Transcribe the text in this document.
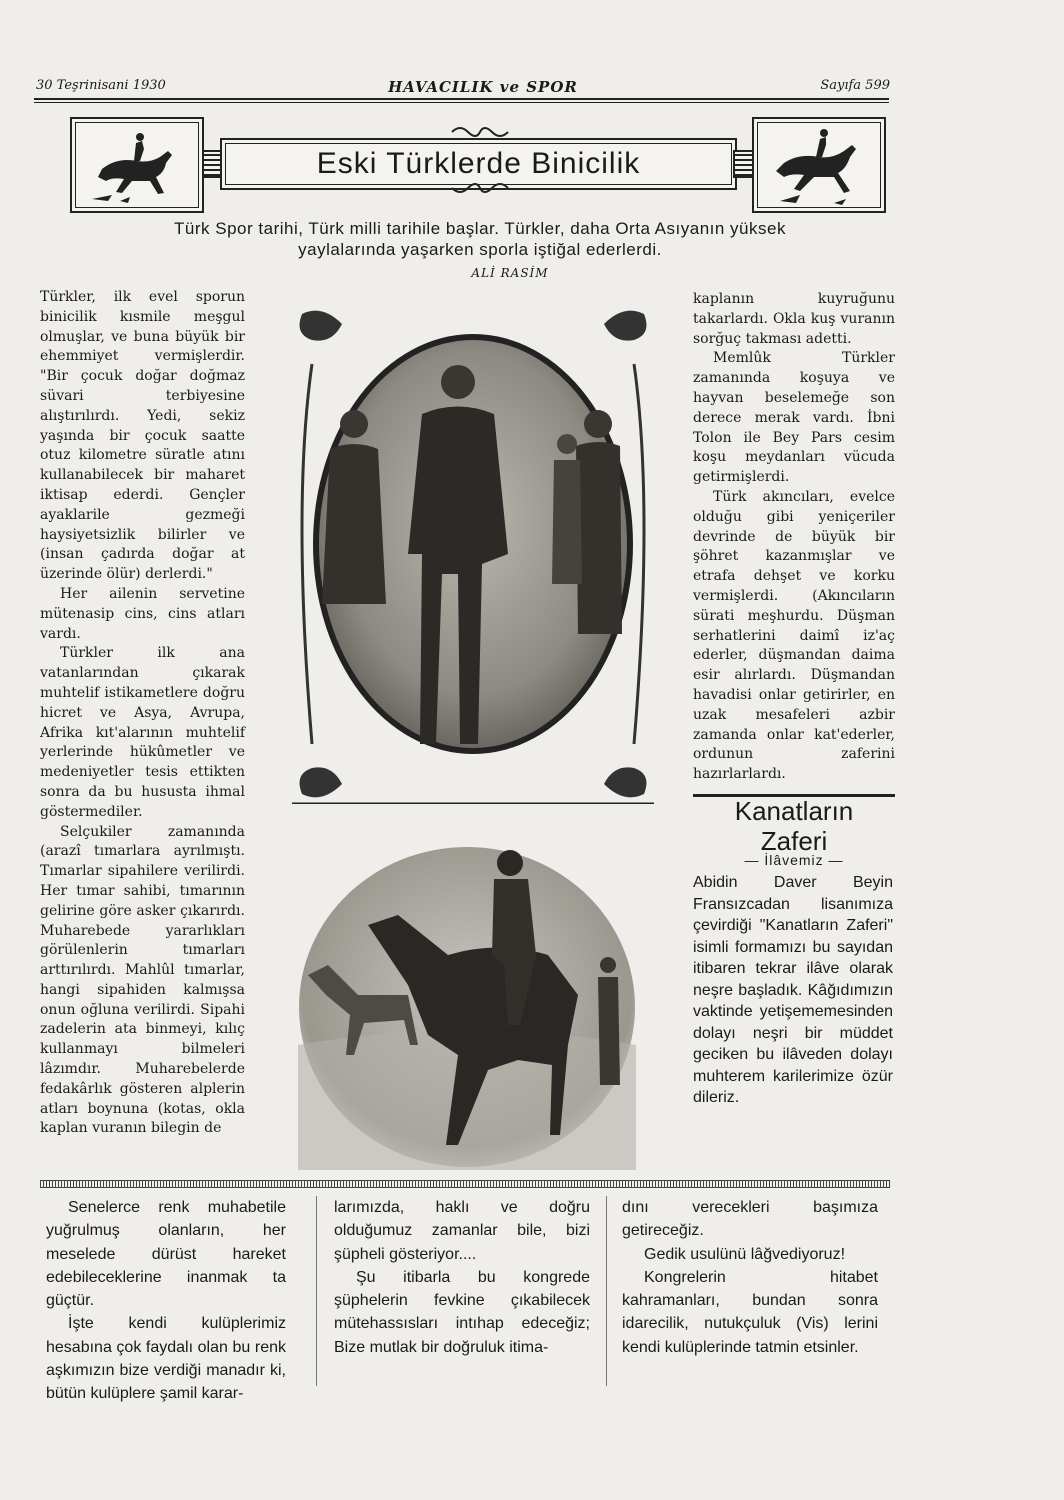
30 Teşrinisani 1930	HAVACILIK ve SPOR	Sayıfa 599
Eski Türklerde Binicilik
Türk Spor tarihi, Türk milli tarihile başlar. Türkler, daha Orta Asıyanın yüksek
yaylalarında yaşarken sporla iştiğal ederlerdi.
ALİ RASİM

Türkler, ilk evel sporun binicilik kısmile meşgul olmuşlar, ve buna büyük bir ehemmiyet vermişlerdir. "Bir çocuk doğar doğmaz süvari terbiyesine alıştırılırdı. Yedi, sekiz yaşında bir çocuk saatte otuz kilometre süratle atını kullanabilecek bir maharet iktisap ederdi. Gençler ayaklarile gezmeği haysiyetsizlik bilirler ve (insan çadırda doğar at üzerinde ölür) derlerdi."

Her ailenin servetine mütenasip cins, cins atları vardı.

Türkler ilk ana vatanlarından çıkarak muhtelif istikametlere doğru hicret ve Asya, Avrupa, Afrika kıt'alarının muhtelif yerlerinde hükûmetler ve medeniyetler tesis ettikten sonra da bu hususta ihmal göstermediler.

Selçukiler zamanında (arazî tımarlara ayrılmıştı. Tımarlar sipahilere verilirdi. Her tımar sahibi, tımarının gelirine göre asker çıkarırdı. Muharebede yararlıkları görülenlerin tımarları arttırılırdı. Mahlûl tımarlar, hangi sipahiden kalmışsa onun oğluna verilirdi. Sipahi zadelerin ata binmeyi, kılıç kullanmayı bilmeleri lâzımdır. Muharebelerde fedakârlık gösteren alplerin atları boynuna (kotas, okla kaplan vuranın bilegin de

kaplanın kuyruğunu takarlardı. Okla kuş vuranın sorğuç takması adetti.

Memlûk Türkler zamanında koşuya ve hayvan beselemeğe son derece merak vardı. İbni Tolon ile Bey Pars cesim koşu meydanları vücuda getirmişlerdi.

Türk akıncıları, evelce olduğu gibi yeniçeriler devrinde de büyük bir şöhret kazanmışlar ve etrafa dehşet ve korku vermişlerdi. (Akıncıların sürati meşhurdu. Düşman serhatlerini daimî iz'aç ederler, düşmandan daima esir alırlardı. Düşmandan havadisi onlar getirirler, en uzak mesafeleri azbir zamanda onlar kat'ederler, ordunun zaferini hazırlarlardı.

Kanatların
Zaferi
— İlâvemiz —
Abidin Daver Beyin Fransızcadan lisanımıza çevirdiği "Kanatların Zaferi" isimli formamızı bu sayıdan itibaren tekrar ilâve olarak neşre başladık. Kâğıdımızın vaktinde yetişememesinden dolayı neşri bir müddet geciken bu ilâveden dolayı muhterem karilerimize özür dileriz.

Senelerce renk muhabetile yuğrulmuş olanların, her meselede dürüst hareket edebileceklerine inanmak ta güçtür.

İşte kendi kulüplerimiz hesabına çok faydalı olan bu renk aşkımızın bize verdiği manadır ki, bütün kulüplere şamil karar-

larımızda, haklı ve doğru olduğumuz zamanlar bile, bizi şüpheli gösteriyor....

Şu itibarla bu kongrede şüphelerin fevkine çıkabilecek mütehassısları intıhap edeceğiz; Bize mutlak bir doğruluk itima-

dını verecekleri başımıza getireceğiz.

Gedik usulünü lâğvediyoruz!

Kongrelerin hitabet kahramanları, bundan sonra idarecilik, nutukçuluk (Vis) lerini kendi kulüplerinde tatmin etsinler.
